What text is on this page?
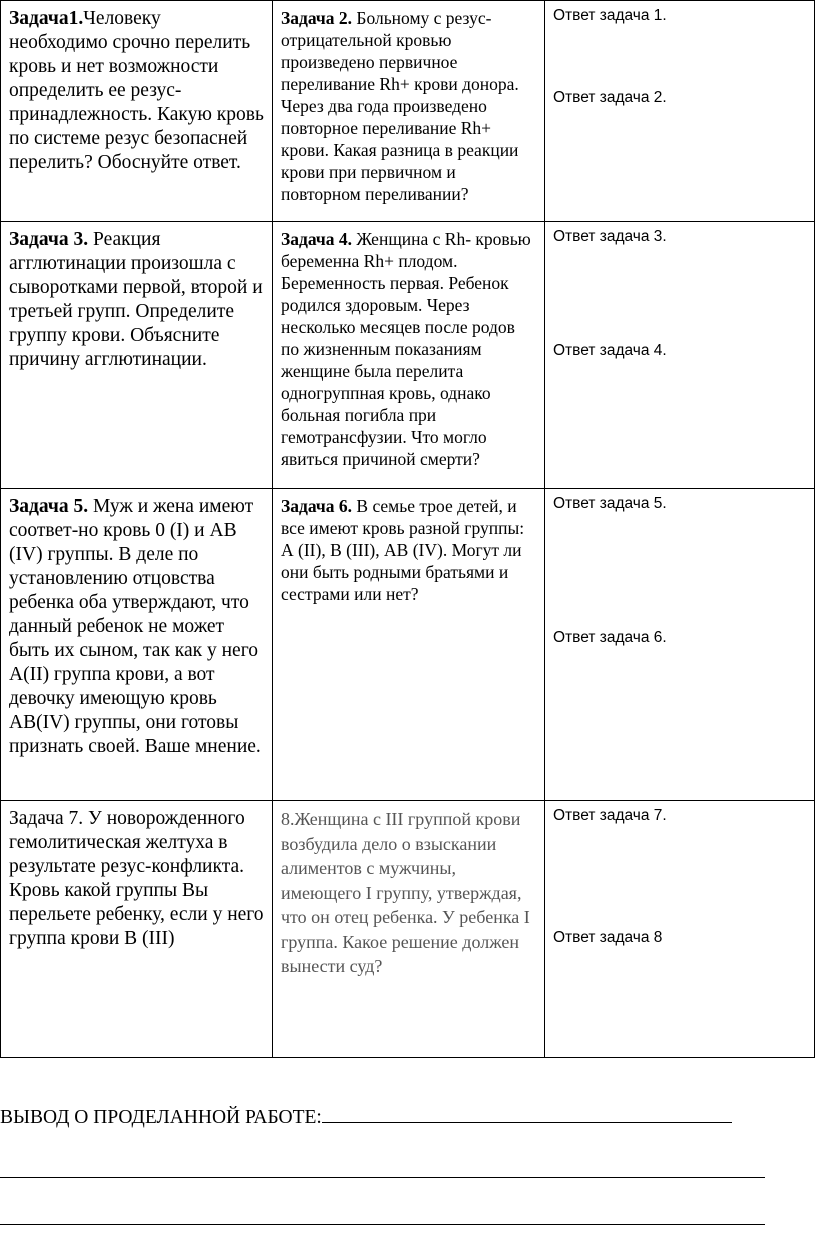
Задача1.Человеку необходимо срочно перелить кровь и нет возможности определить ее резус-принадлежность. Какую кровь по системе резус безопасней перелить? Обоснуйте ответ.	Задача 2. Больному с резус-отрицательной кровью произведено первичное переливание Rh+ крови донора. Через два года произведено повторное переливание Rh+ крови. Какая разница в реакции крови при первичном и повторном переливании?	Ответ задача 1.
Ответ задача 2.

Задача 3. Реакция агглютинации произошла с сыворотками первой, второй и третьей групп. Определите группу крови. Объясните причину агглютинации.	Задача 4. Женщина с Rh- кровью беременна Rh+ плодом. Беременность первая. Ребенок родился здоровым. Через несколько месяцев после родов по жизненным показаниям женщине была перелита одногруппная кровь, однако больная погибла при гемотрансфузии. Что могло явиться причиной смерти?	Ответ задача 3.
Ответ задача 4.

Задача 5. Муж и жена имеют соответ-но кровь 0 (I) и АВ (IV) группы. В деле по установлению отцовства ребенка оба утверждают, что данный ребенок не может быть их сыном, так как у него А(II) группа крови, а вот девочку имеющую кровь АВ(IV) группы, они готовы признать своей. Ваше мнение.	Задача 6. В семье трое детей, и все имеют кровь разной группы: А (II), В (III), АВ (IV). Могут ли они быть родными братьями и сестрами или нет?	Ответ задача 5.
Ответ задача 6.

Задача 7. У новорожденного гемолитическая желтуха в результате резус-конфликта. Кровь какой группы Вы перельете ребенку, если у него группа крови В (III)	8.Женщина с III группой крови возбудила дело о взыскании алиментов с мужчины, имеющего I группу, утверждая, что он отец ребенка. У ребенка I группа. Какое решение должен вынести суд?	Ответ задача 7.
Ответ задача 8
ВЫВОД О ПРОДЕЛАННОЙ РАБОТЕ:
